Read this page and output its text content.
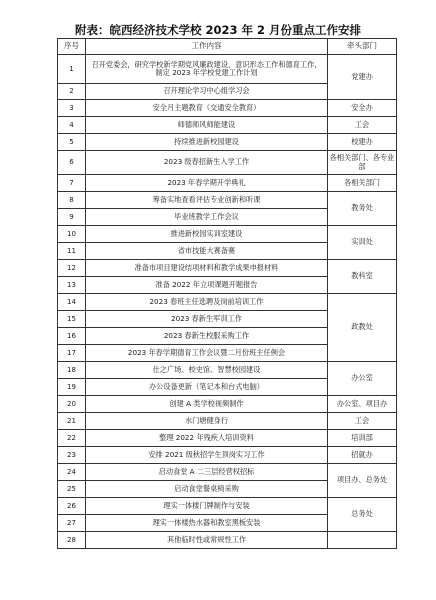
附表：皖西经济技术学校 2023 年 2 月份重点工作安排
序号	工作内容	牵头部门
1	召开党委会，研究学校新学期党风廉政建设、意识形态工作和德育工作，制定 2023 年学校党建工作计划	党建办
2	召开理论学习中心组学习会	
3	安全月主题教育（交通安全教育）	安全办
4	师德师风师能建设	工会
5	持续推进新校园建设	校建办
6	2023 级春招新生入学工作	各相关部门、各专业部
7	2023 年春学期开学典礼	各相关部门
8	筹备实地查看评估专业创新和听课	教务处
9	毕业班教学工作会议	
10	推进新校园实训室建设	实训处
11	省市技能大赛备赛	
12	准备市项目建设结项材料和教学成果申报材料	教科室
13	准备 2022 年立项课题开题报告	
14	2023 春班主任选聘及岗前培训工作	政教处
15	2023 春新生军训工作	
16	2023 春新生校服采购工作	
17	2023 年春学期德育工作会议暨二月份班主任例会	
18	仕之广场、校史馆、智慧校园建设	办公室
19	办公设备更新（笔记本和台式电脑）	
20	创建 A 类学校视频制作	办公室、项目办
21	水门塘健身行	工会
22	整理 2022 年残疾人培训资料	培训部
23	安排 2021 级秋招学生顶岗实习工作	招就办
24	启动食堂 A 二三层经营权招标	项目办、总务处
25	启动食堂餐桌椅采购	
26	理实一体楼门牌制作与安装	总务处
27	理实一体楼热水器和教室黑板安装	
28	其他临时性或常规性工作	
